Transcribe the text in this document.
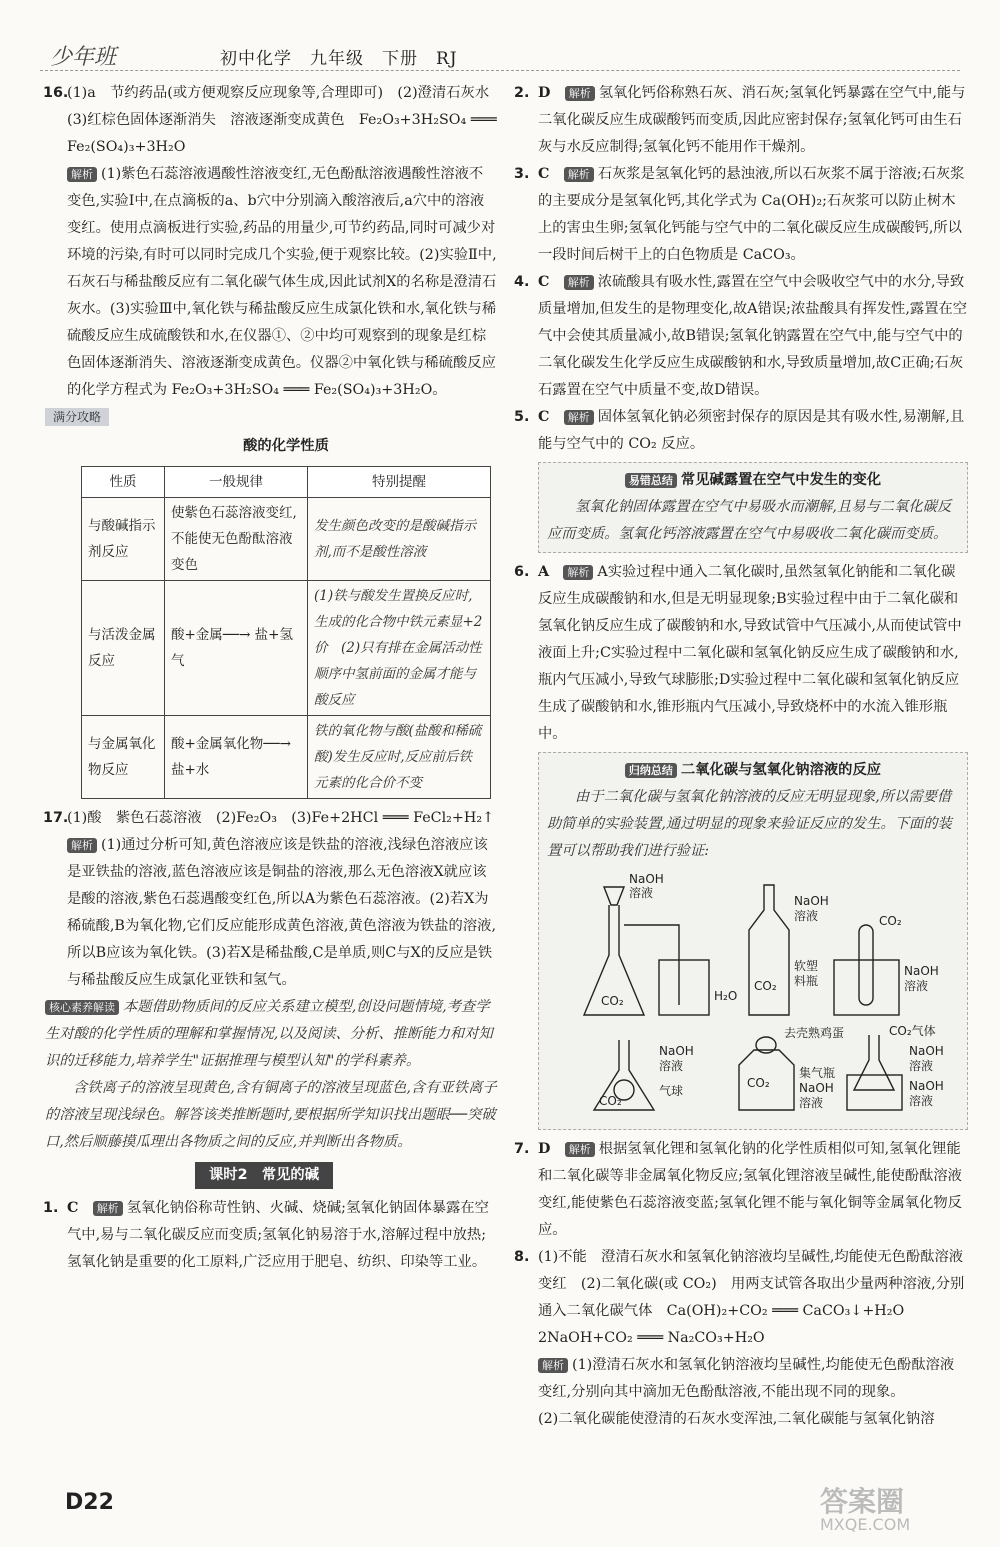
少年班	初中化学　九年级　下册　RJ
16.

(1)a　节约药品(或方便观察反应现象等,合理即可)　(2)澄清石灰水　(3)红棕色固体逐渐消失　溶液逐渐变成黄色　Fe₂O₃+3H₂SO₄ ═══ Fe₂(SO₄)₃+3H₂O

解析 (1)紫色石蕊溶液遇酸性溶液变红,无色酚酞溶液遇酸性溶液不变色,实验Ⅰ中,在点滴板的a、b穴中分别滴入酸溶液后,a穴中的溶液变红。使用点滴板进行实验,药品的用量少,可节约药品,同时可减少对环境的污染,有时可以同时完成几个实验,便于观察比较。(2)实验Ⅱ中,石灰石与稀盐酸反应有二氧化碳气体生成,因此试剂X的名称是澄清石灰水。(3)实验Ⅲ中,氧化铁与稀盐酸反应生成氯化铁和水,氧化铁与稀硫酸反应生成硫酸铁和水,在仪器①、②中均可观察到的现象是红棕色固体逐渐消失、溶液逐渐变成黄色。仪器②中氧化铁与稀硫酸反应的化学方程式为 Fe₂O₃+3H₂SO₄ ═══ Fe₂(SO₄)₃+3H₂O。

满分攻略
酸的化学性质
性质	一般规律	特别提醒
与酸碱指示剂反应	使紫色石蕊溶液变红,不能使无色酚酞溶液变色	发生颜色改变的是酸碱指示剂,而不是酸性溶液
与活泼金属反应	酸+金属──→ 盐+氢气	(1)铁与酸发生置换反应时,生成的化合物中铁元素显+2价　(2)只有排在金属活动性顺序中氢前面的金属才能与酸反应
与金属氧化物反应	酸+金属氧化物──→ 盐+水	铁的氧化物与酸(盐酸和稀硫酸)发生反应时,反应前后铁元素的化合价不变
17.

(1)酸　紫色石蕊溶液　(2)Fe₂O₃　(3)Fe+2HCl ═══ FeCl₂+H₂↑

解析 (1)通过分析可知,黄色溶液应该是铁盐的溶液,浅绿色溶液应该是亚铁盐的溶液,蓝色溶液应该是铜盐的溶液,那么无色溶液X就应该是酸的溶液,紫色石蕊遇酸变红色,所以A为紫色石蕊溶液。(2)若X为稀硫酸,B为氧化物,它们反应能形成黄色溶液,黄色溶液为铁盐的溶液,所以B应该为氧化铁。(3)若X是稀盐酸,C是单质,则C与X的反应是铁与稀盐酸反应生成氯化亚铁和氢气。

核心素养解读 本题借助物质间的反应关系建立模型,创设问题情境,考查学生对酸的化学性质的理解和掌握情况,以及阅读、分析、推断能力和对知识的迁移能力,培养学生"证据推理与模型认知"的学科素养。

含铁离子的溶液呈现黄色,含有铜离子的溶液呈现蓝色,含有亚铁离子的溶液呈现浅绿色。解答该类推断题时,要根据所学知识找出题眼──突破口,然后顺藤摸瓜理出各物质之间的反应,并判断出各物质。

课时2　常见的碱
1. C　 解析 氢氧化钠俗称苛性钠、火碱、烧碱;氢氧化钠固体暴露在空气中,易与二氧化碳反应而变质;氢氧化钠易溶于水,溶解过程中放热;氢氧化钠是重要的化工原料,广泛应用于肥皂、纺织、印染等工业。

2. D　 解析 氢氧化钙俗称熟石灰、消石灰;氢氧化钙暴露在空气中,能与二氧化碳反应生成碳酸钙而变质,因此应密封保存;氢氧化钙可由生石灰与水反应制得;氢氧化钙不能用作干燥剂。

3. C　 解析 石灰浆是氢氧化钙的悬浊液,所以石灰浆不属于溶液;石灰浆的主要成分是氢氧化钙,其化学式为 Ca(OH)₂;石灰浆可以防止树木上的害虫生卵;氢氧化钙能与空气中的二氧化碳反应生成碳酸钙,所以一段时间后树干上的白色物质是 CaCO₃。

4. C　 解析 浓硫酸具有吸水性,露置在空气中会吸收空气中的水分,导致质量增加,但发生的是物理变化,故A错误;浓盐酸具有挥发性,露置在空气中会使其质量减小,故B错误;氢氧化钠露置在空气中,能与空气中的二氧化碳发生化学反应生成碳酸钠和水,导致质量增加,故C正确;石灰石露置在空气中质量不变,故D错误。

5. C　 解析 固体氢氧化钠必须密封保存的原因是其有吸水性,易潮解,且能与空气中的 CO₂ 反应。

易错总结 常见碱露置在空气中发生的变化

氢氧化钠固体露置在空气中易吸水而潮解,且易与二氧化碳反应而变质。氢氧化钙溶液露置在空气中易吸收二氧化碳而变质。

6. A　 解析 A实验过程中通入二氧化碳时,虽然氢氧化钠能和二氧化碳反应生成碳酸钠和水,但是无明显现象;B实验过程中由于二氧化碳和氢氧化钠反应生成了碳酸钠和水,导致试管中气压减小,从而使试管中液面上升;C实验过程中二氧化碳和氢氧化钠反应生成了碳酸钠和水,瓶内气压减小,导致气球膨胀;D实验过程中二氧化碳和氢氧化钠反应生成了碳酸钠和水,锥形瓶内气压减小,导致烧杯中的水流入锥形瓶中。

归纳总结 二氧化碳与氢氧化钠溶液的反应

由于二氧化碳与氢氧化钠溶液的反应无明显现象,所以需要借助简单的实验装置,通过明显的现象来验证反应的发生。下面的装置可以帮助我们进行验证:

NaOH
溶液
CO₂	H₂O
NaOH
溶液
CO₂
软塑
料瓶
CO₂
NaOH
溶液
NaOH
溶液
CO₂
气球
去壳熟鸡蛋
集气瓶
NaOH
溶液
CO₂
CO₂气体
NaOH
溶液
NaOH
溶液
7. D　 解析 根据氢氧化锂和氢氧化钠的化学性质相似可知,氢氧化锂能和二氧化碳等非金属氧化物反应;氢氧化锂溶液呈碱性,能使酚酞溶液变红,能使紫色石蕊溶液变蓝;氢氧化锂不能与氧化铜等金属氧化物反应。

8. (1)不能　澄清石灰水和氢氧化钠溶液均呈碱性,均能使无色酚酞溶液变红　(2)二氧化碳(或 CO₂)　用两支试管各取出少量两种溶液,分别通入二氧化碳气体　Ca(OH)₂+CO₂ ═══ CaCO₃↓+H₂O　2NaOH+CO₂ ═══ Na₂CO₃+H₂O

解析 (1)澄清石灰水和氢氧化钠溶液均呈碱性,均能使无色酚酞溶液变红,分别向其中滴加无色酚酞溶液,不能出现不同的现象。

(2)二氧化碳能使澄清的石灰水变浑浊,二氧化碳能与氢氧化钠溶

D22	答案圈
MXQE.COM
